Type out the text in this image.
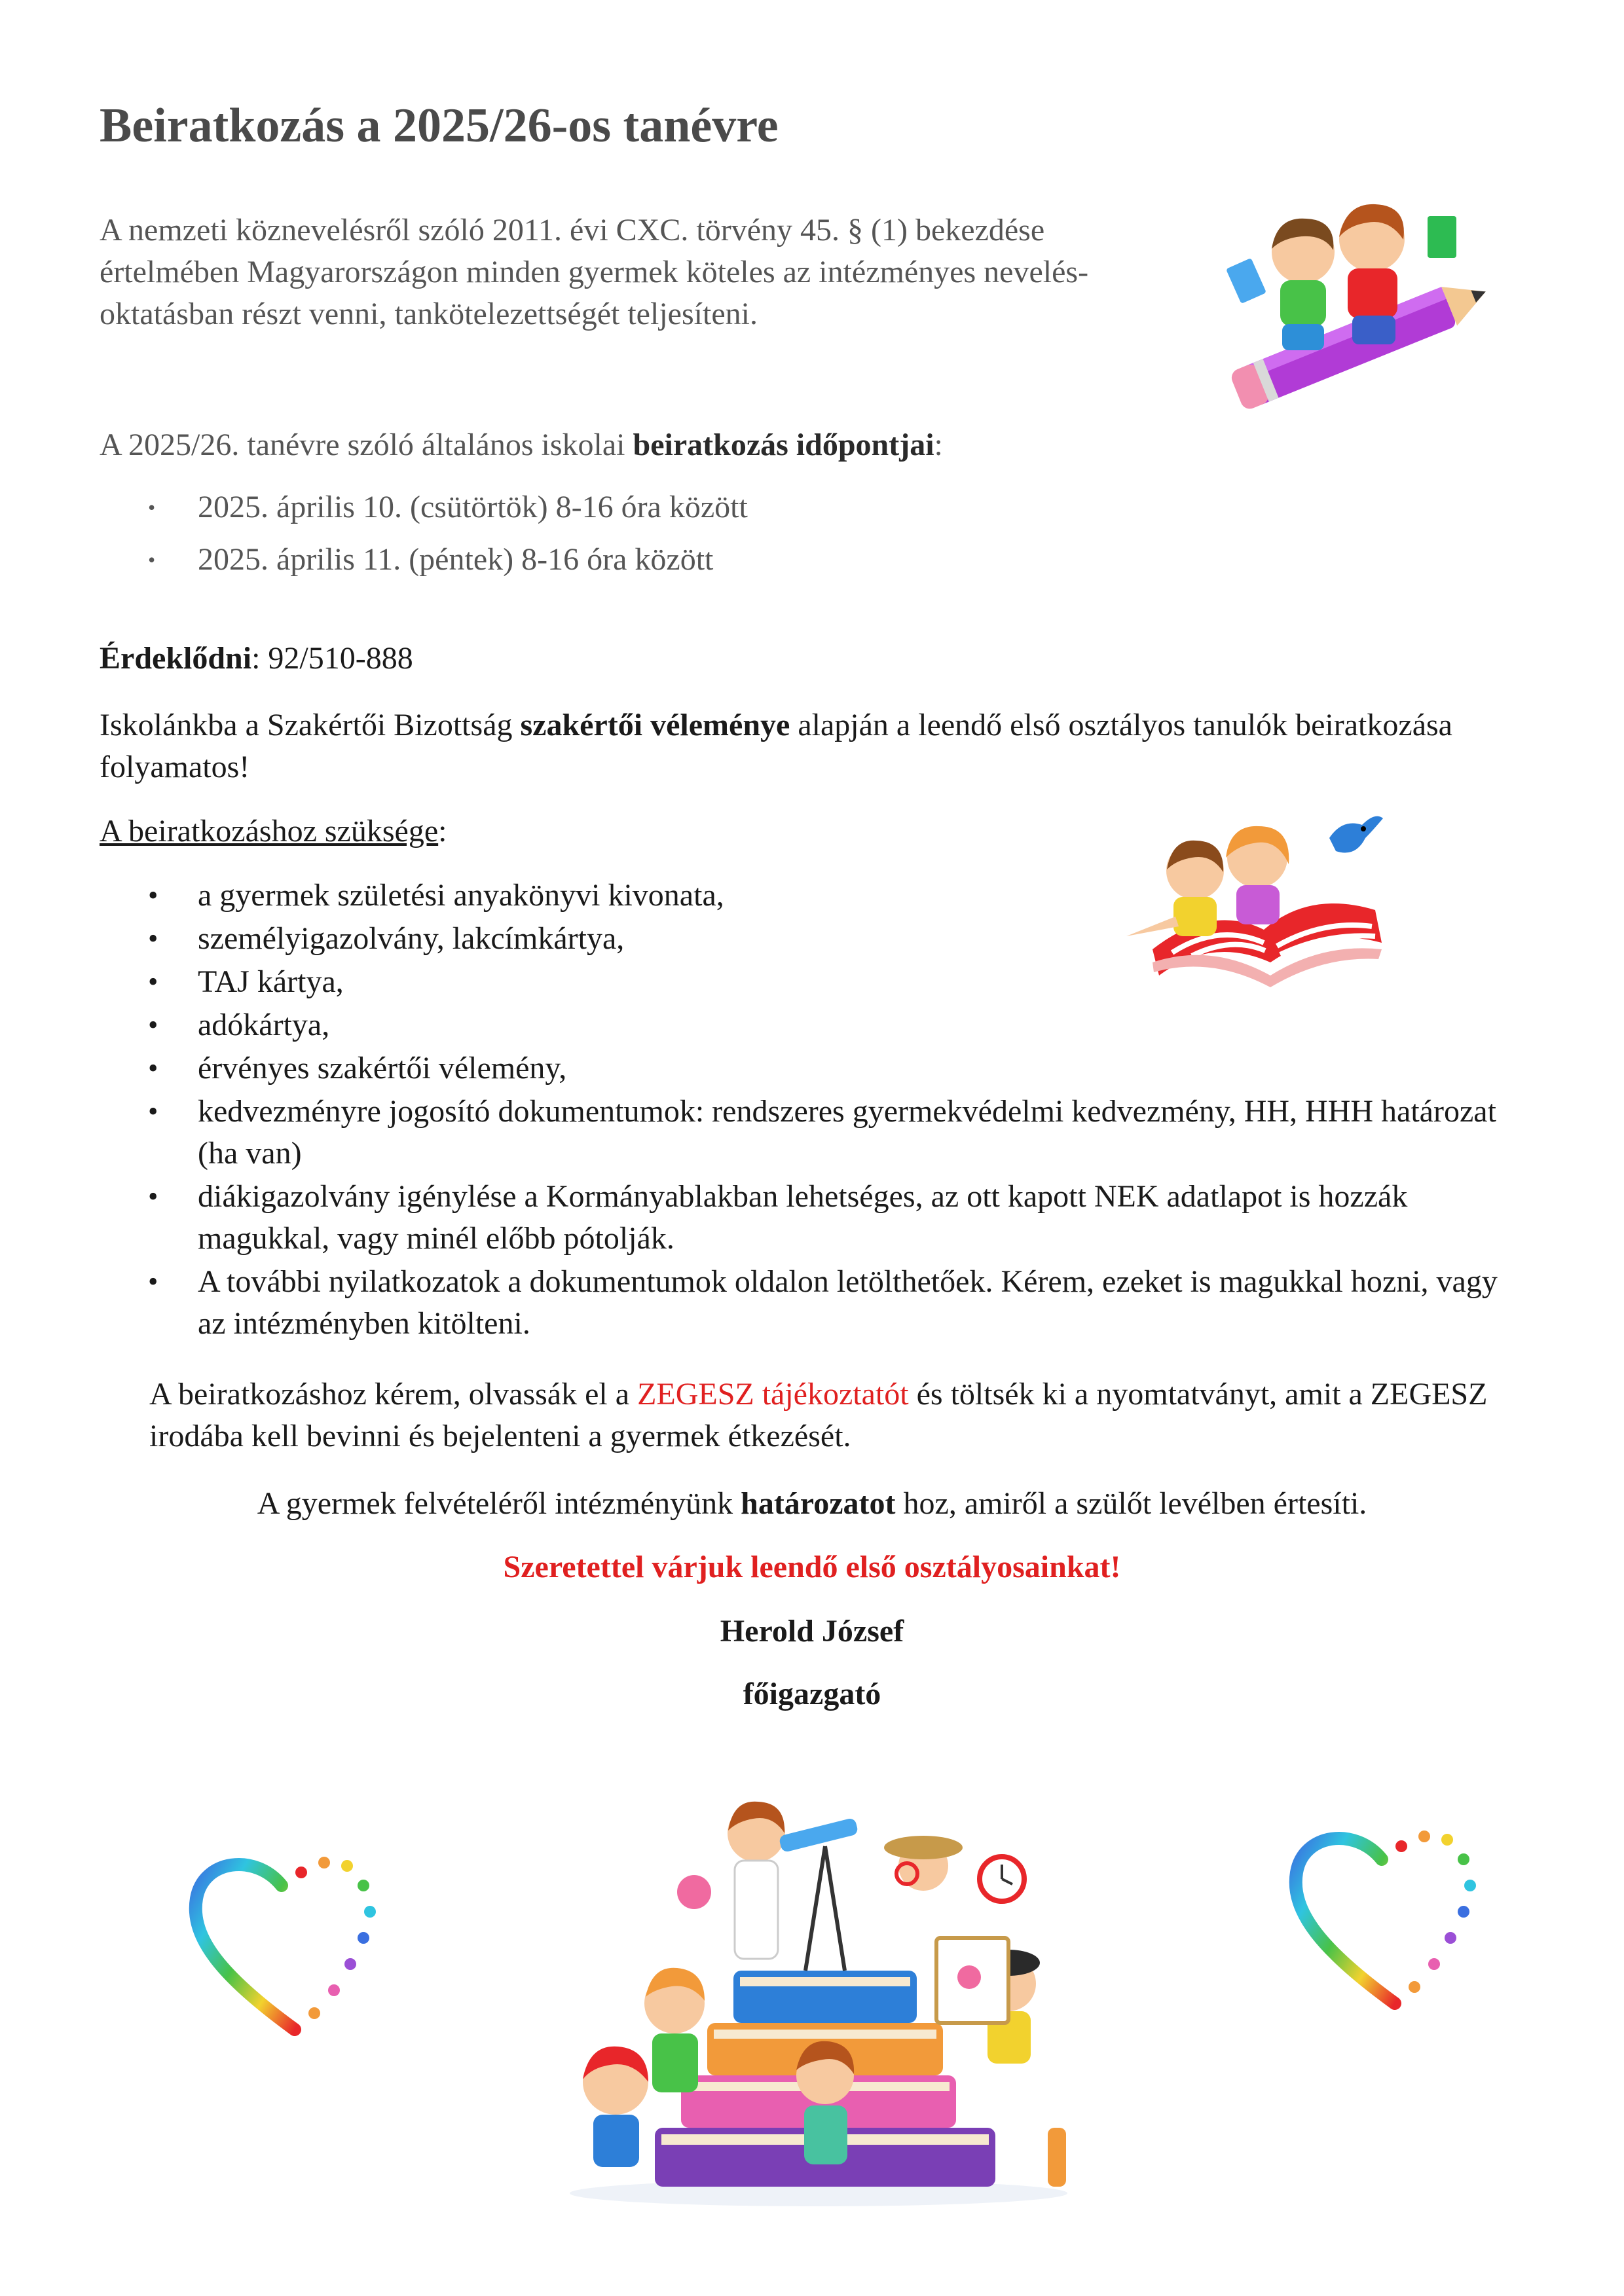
Beiratkozás a 2025/26-os tanévre

A nemzeti köznevelésről szóló 2011. évi CXC. törvény 45. § (1) bekezdése értelmében Magyarországon minden gyermek köteles az intézményes nevelés-oktatásban részt venni, tankötelezettségét teljesíteni.

A 2025/26. tanévre szóló általános iskolai beiratkozás időpontjai:

• 2025. április 10. (csütörtök) 8-16 óra között
• 2025. április 11. (péntek) 8-16 óra között

Érdeklődni: 92/510-888

Iskolánkba a Szakértői Bizottság szakértői véleménye alapján a leendő első osztályos tanulók beiratkozása folyamatos!

A beiratkozáshoz szüksége:

• a gyermek születési anyakönyvi kivonata,
• személyigazolvány, lakcímkártya,
• TAJ kártya,
• adókártya,
• érvényes szakértői vélemény,
• kedvezményre jogosító dokumentumok: rendszeres gyermekvédelmi kedvezmény, HH, HHH határozat (ha van)
• diákigazolvány igénylése a Kormányablakban lehetséges, az ott kapott NEK adatlapot is hozzák magukkal, vagy minél előbb pótolják.
• A további nyilatkozatok a dokumentumok oldalon letölthetőek. Kérem, ezeket is magukkal hozni, vagy az intézményben kitölteni.

A beiratkozáshoz kérem, olvassák el a ZEGESZ tájékoztatót és töltsék ki a nyomtatványt, amit a ZEGESZ irodába kell bevinni és bejelenteni a gyermek étkezését.

A gyermek felvételéről intézményünk határozatot hoz, amiről a szülőt levélben értesíti.

Szeretettel várjuk leendő első osztályosainkat!

Herold József

főigazgató
